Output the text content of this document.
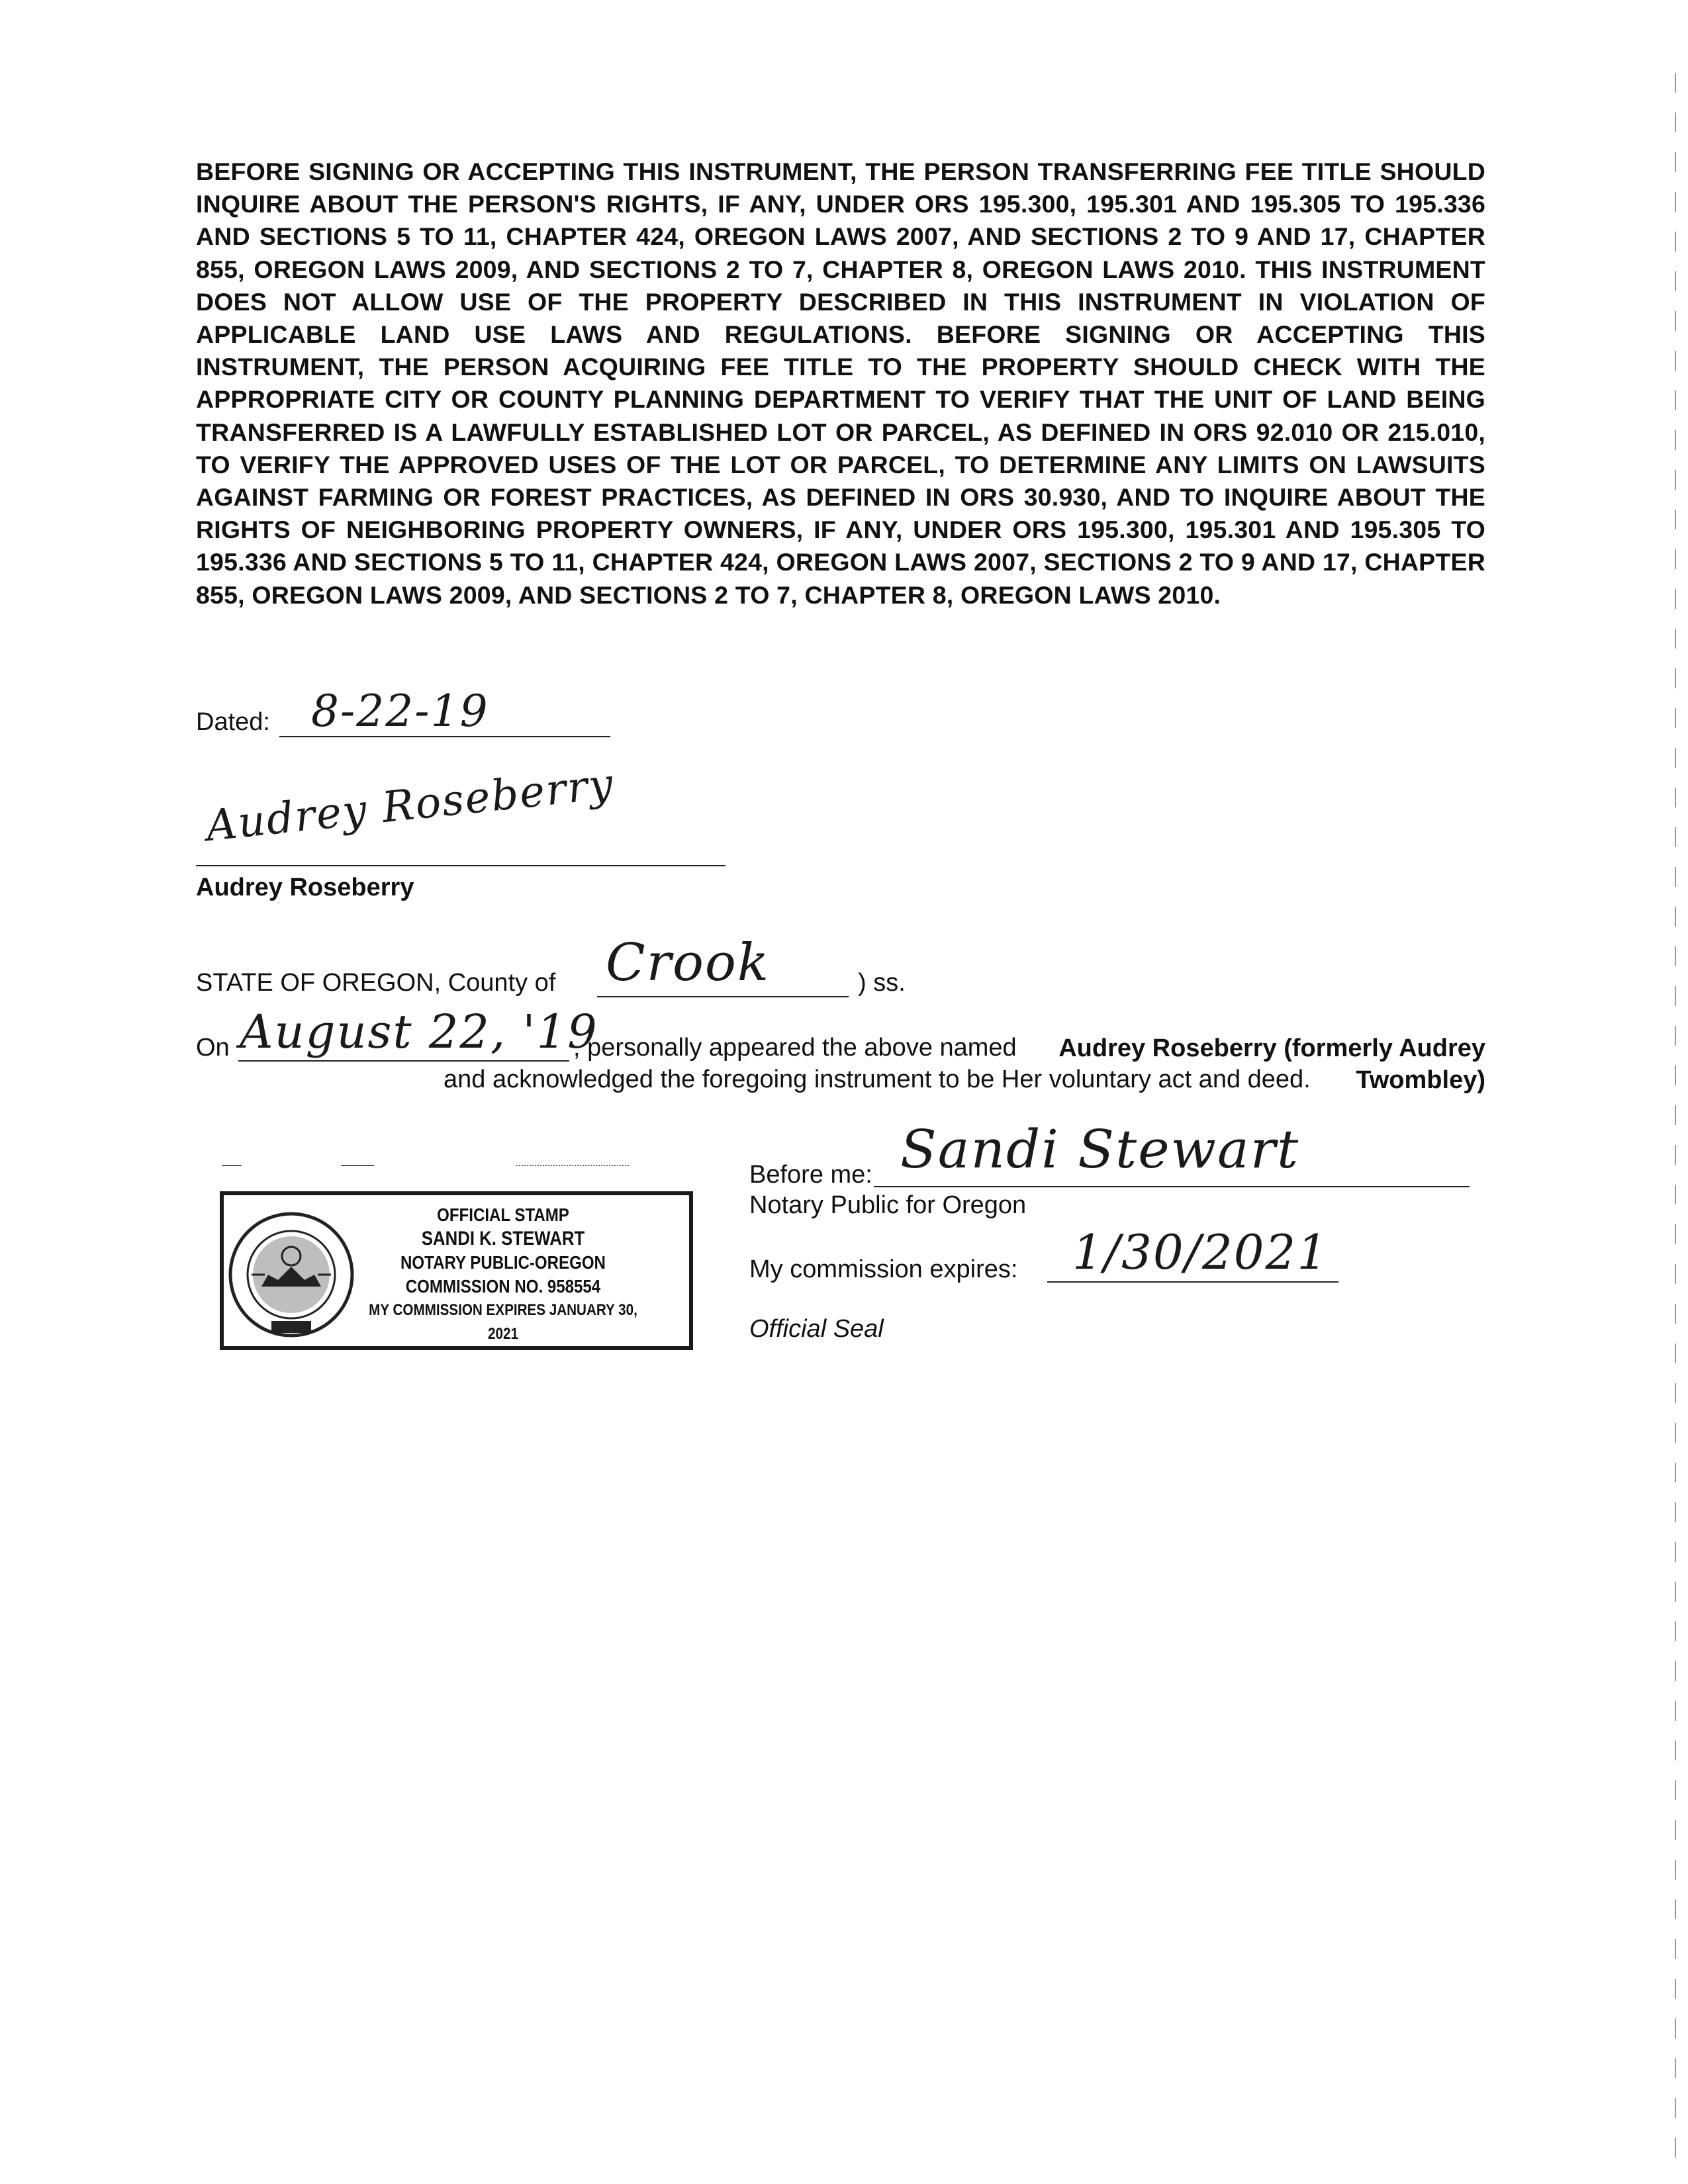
BEFORE SIGNING OR ACCEPTING THIS INSTRUMENT, THE PERSON TRANSFERRING FEE TITLE SHOULD INQUIRE ABOUT THE PERSON'S RIGHTS, IF ANY, UNDER ORS 195.300, 195.301 AND 195.305 TO 195.336 AND SECTIONS 5 TO 11, CHAPTER 424, OREGON LAWS 2007, AND SECTIONS 2 TO 9 AND 17, CHAPTER 855, OREGON LAWS 2009, AND SECTIONS 2 TO 7, CHAPTER 8, OREGON LAWS 2010. THIS INSTRUMENT DOES NOT ALLOW USE OF THE PROPERTY DESCRIBED IN THIS INSTRUMENT IN VIOLATION OF APPLICABLE LAND USE LAWS AND REGULATIONS. BEFORE SIGNING OR ACCEPTING THIS INSTRUMENT, THE PERSON ACQUIRING FEE TITLE TO THE PROPERTY SHOULD CHECK WITH THE APPROPRIATE CITY OR COUNTY PLANNING DEPARTMENT TO VERIFY THAT THE UNIT OF LAND BEING TRANSFERRED IS A LAWFULLY ESTABLISHED LOT OR PARCEL, AS DEFINED IN ORS 92.010 OR 215.010, TO VERIFY THE APPROVED USES OF THE LOT OR PARCEL, TO DETERMINE ANY LIMITS ON LAWSUITS AGAINST FARMING OR FOREST PRACTICES, AS DEFINED IN ORS 30.930, AND TO INQUIRE ABOUT THE RIGHTS OF NEIGHBORING PROPERTY OWNERS, IF ANY, UNDER ORS 195.300, 195.301 AND 195.305 TO 195.336 AND SECTIONS 5 TO 11, CHAPTER 424, OREGON LAWS 2007, SECTIONS 2 TO 9 AND 17, CHAPTER 855, OREGON LAWS 2009, AND SECTIONS 2 TO 7, CHAPTER 8, OREGON LAWS 2010.
Dated: 8-22-19
Audrey Roseberry
Audrey Roseberry
STATE OF OREGON, County of Crook	) ss.
On August 22, '19
, personally appeared the above named	Audrey Roseberry (formerly Audrey Twombley)
and acknowledged the foregoing instrument to be Her voluntary act and deed.
OFFICIAL STAMP
SANDI K. STEWART
NOTARY PUBLIC-OREGON
COMMISSION NO. 958554
MY COMMISSION EXPIRES JANUARY 30, 2021
Before me: Sandi Stewart
Notary Public for Oregon
My commission expires: 1/30/2021
Official Seal
